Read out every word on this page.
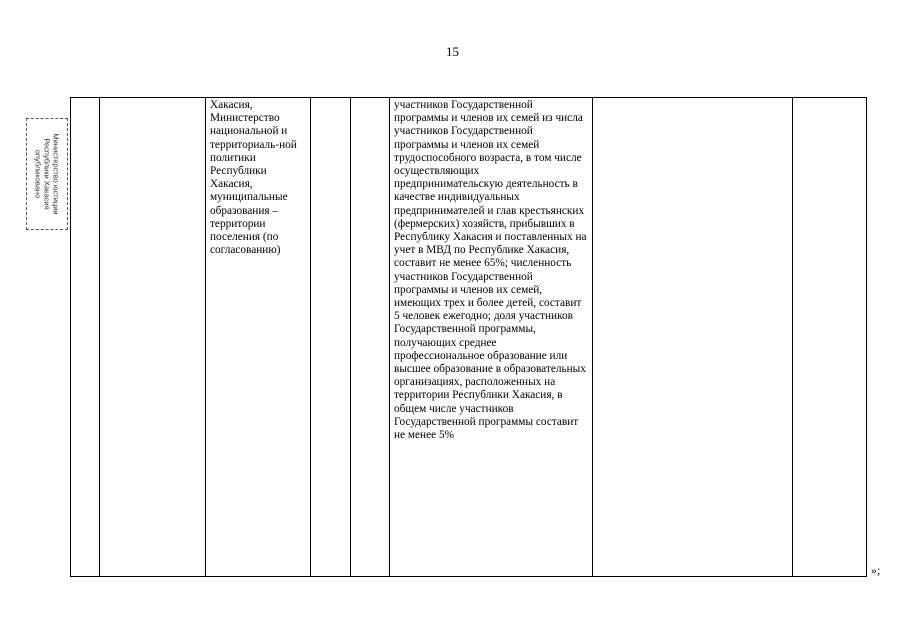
15
Министерство юстиции
Республики Хакасия
опубликовано
		Хакасия, Министерство национальной и территориаль-ной политики Республики Хакасия, муниципальные образования – территории поселения (по согласованию)			участников Государственной программы и членов их семей из числа участников Государственной программы и членов их семей трудоспособного возраста, в том числе осуществляющих предпринимательскую деятельность в качестве индивидуальных предпринимателей и глав крестьянских (фермерских) хозяйств, прибывших в Республику Хакасия и поставленных на учет в МВД по Республике Хакасия, составит не менее 65%; численность участников Государственной программы и членов их семей, имеющих трех и более детей, составит 5 человек ежегодно; доля участников Государственной программы, получающих среднее профессиональное образование или высшее образование в образовательных организациях, расположенных на территории Республики Хакасия, в общем числе участников Государственной программы составит не менее 5%		
»;
